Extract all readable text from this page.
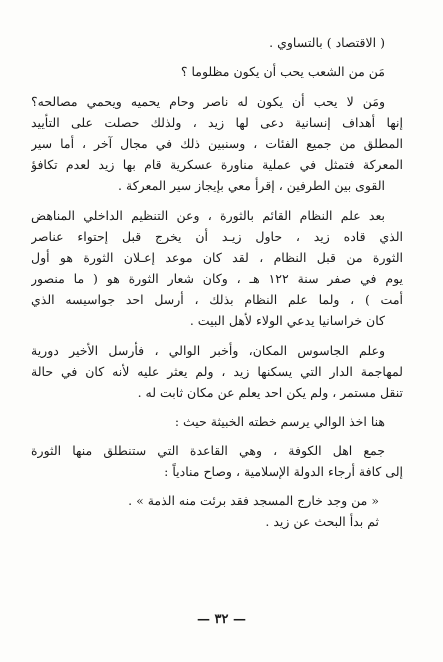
( الاقتصاد ) بالتساوي .
مَن من الشعب يحب أن يكون مظلوما ؟
ومَن لا يحب أن يكون له ناصر وحام يحميه ويحمي مصالحه؟
إنها أهداف إنسانية دعى لها زيد ، ولذلك حصلت على التأييد
المطلق من جميع الفئات ، وسنبين ذلك في مجال آخر ، أما سير
المعركة فتمثل في عملية مناورة عسكرية قام بها زيد لعدم تكافؤ
القوى بين الطرفين ، إقرأ معي بإيجاز سير المعركة .
بعد علم النظام القائم بالثورة ، وعن التنظيم الداخلي المناهض
الذي قاده زيد ، حاول زيـد أن يخرج قبل إحتواء عناصر
الثورة من قبل النظام ، لقد كان موعد إعـلان الثورة هو أول
يوم في صفر سنة ١٢٢ هـ ، وكان شعار الثورة هو ( ما منصور
أمت ) ، ولما علم النظام بذلك ، أرسل احد جواسيسه الذي
كان خراسانيا يدعي الولاء لأهل البيت .
وعلم الجاسوس المكان، وأخبر الوالي ، فأرسل الأخير دورية
لمهاجمة الدار التي يسكنها زيد ، ولم يعثر عليه لأنه كان في حالة
تنقل مستمر ، ولم يكن احد يعلم عن مكان ثابت له .
هنا اخذ الوالي يرسم خطته الخبيثة حيث :
جمع اهل الكوفة ، وهي القاعدة التي ستنطلق منها الثورة
إلى كافة أرجاء الدولة الإسلامية ، وصاح منادياً :
« من وجد خارج المسجد فقد برئت منه الذمة » .
ثم بدأ البحث عن زيد .
— ٣٢ —
